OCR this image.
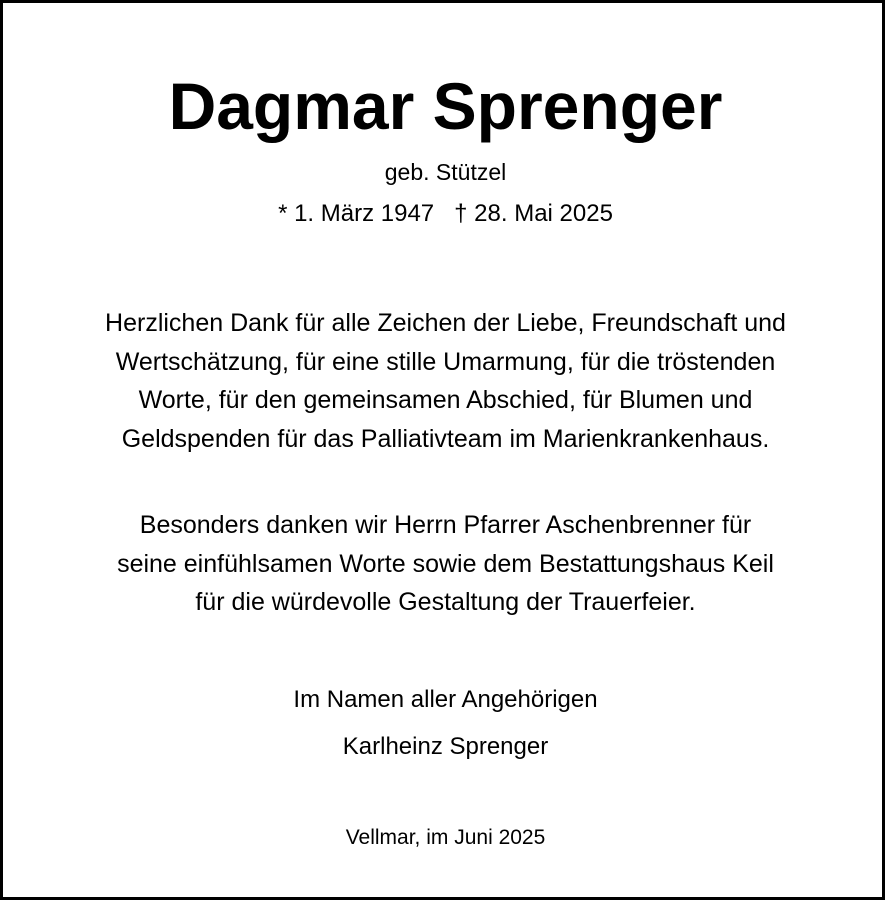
Dagmar Sprenger
geb. Stützel
* 1. März 1947 † 28. Mai 2025
Herzlichen Dank für alle Zeichen der Liebe, Freundschaft und
Wertschätzung, für eine stille Umarmung, für die tröstenden
Worte, für den gemeinsamen Abschied, für Blumen und
Geldspenden für das Palliativteam im Marienkrankenhaus.
Besonders danken wir Herrn Pfarrer Aschenbrenner für
seine einfühlsamen Worte sowie dem Bestattungshaus Keil
für die würdevolle Gestaltung der Trauerfeier.
Im Namen aller Angehörigen
Karlheinz Sprenger
Vellmar, im Juni 2025
